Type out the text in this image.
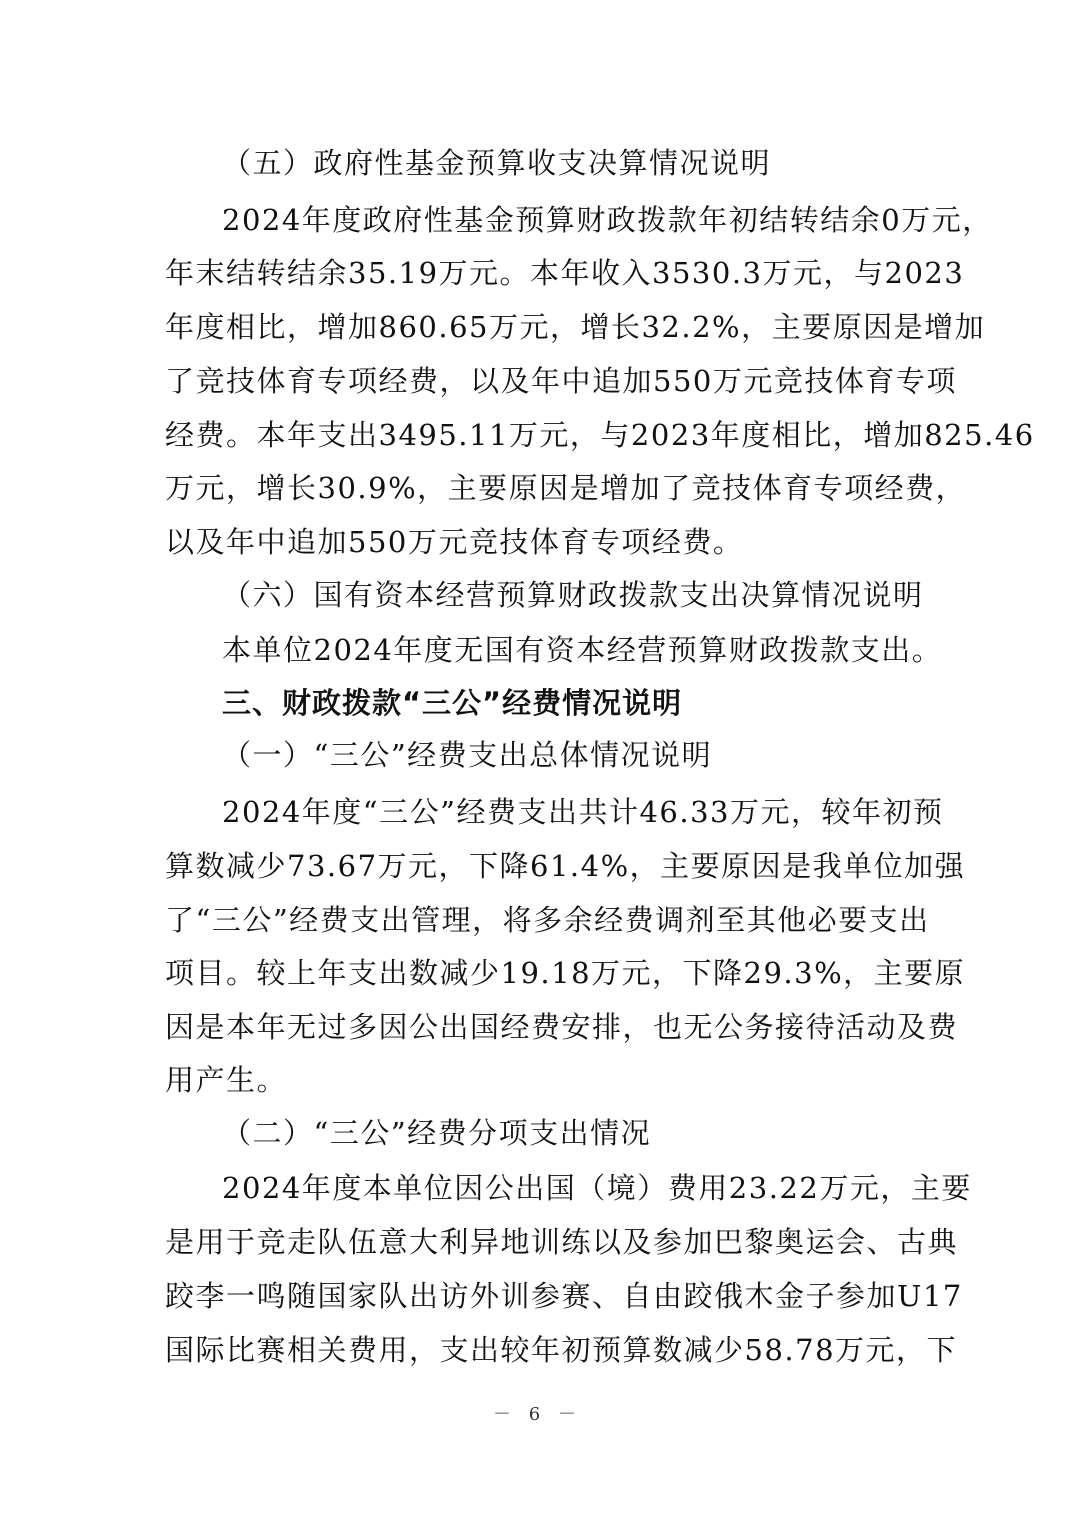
（五）政府性基金预算收支决算情况说明
2024年度政府性基金预算财政拨款年初结转结余0万元，
年末结转结余35.19万元。本年收入3530.3万元，与2023
年度相比，增加860.65万元，增长32.2%，主要原因是增加
了竞技体育专项经费，以及年中追加550万元竞技体育专项
经费。本年支出3495.11万元，与2023年度相比，增加825.46
万元，增长30.9%，主要原因是增加了竞技体育专项经费，
以及年中追加550万元竞技体育专项经费。
（六）国有资本经营预算财政拨款支出决算情况说明
本单位2024年度无国有资本经营预算财政拨款支出。
三、财政拨款“三公”经费情况说明
（一）“三公”经费支出总体情况说明
2024年度“三公”经费支出共计46.33万元，较年初预
算数减少73.67万元，下降61.4%，主要原因是我单位加强
了“三公”经费支出管理，将多余经费调剂至其他必要支出
项目。较上年支出数减少19.18万元，下降29.3%，主要原
因是本年无过多因公出国经费安排，也无公务接待活动及费
用产生。
（二）“三公”经费分项支出情况
2024年度本单位因公出国（境）费用23.22万元，主要
是用于竞走队伍意大利异地训练以及参加巴黎奥运会、古典
跤李一鸣随国家队出访外训参赛、自由跤俄木金子参加U17
国际比赛相关费用，支出较年初预算数减少58.78万元，下
－ 6 －
